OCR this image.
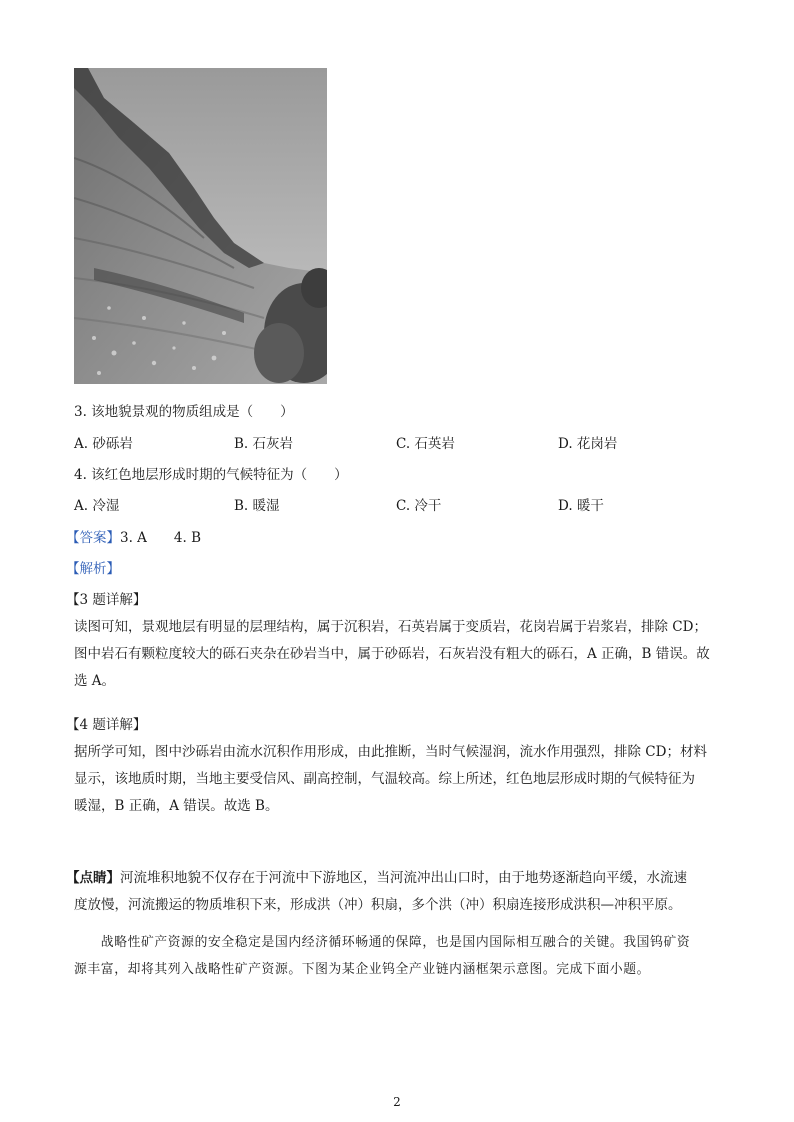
3. 该地貌景观的物质组成是（　　）
A. 砂砾岩	B. 石灰岩	C. 石英岩	D. 花岗岩
4. 该红色地层形成时期的气候特征为（　　）
A. 冷湿	B. 暖湿	C. 冷干	D. 暖干
【答案】3. A　　4. B
【解析】
【3 题详解】
读图可知，景观地层有明显的层理结构，属于沉积岩，石英岩属于变质岩，花岗岩属于岩浆岩，排除 CD；
图中岩石有颗粒度较大的砾石夹杂在砂岩当中，属于砂砾岩，石灰岩没有粗大的砾石，A 正确，B 错误。故
选 A。
【4 题详解】
据所学可知，图中沙砾岩由流水沉积作用形成，由此推断，当时气候湿润，流水作用强烈，排除 CD；材料
显示，该地质时期，当地主要受信风、副高控制，气温较高。综上所述，红色地层形成时期的气候特征为
暖湿，B 正确，A 错误。故选 B。
【点睛】河流堆积地貌不仅存在于河流中下游地区，当河流冲出山口时，由于地势逐渐趋向平缓，水流速
度放慢，河流搬运的物质堆积下来，形成洪（冲）积扇，多个洪（冲）积扇连接形成洪积—冲积平原。
　　战略性矿产资源的安全稳定是国内经济循环畅通的保障，也是国内国际相互融合的关键。我国钨矿资
源丰富，却将其列入战略性矿产资源。下图为某企业钨全产业链内涵框架示意图。完成下面小题。
2
